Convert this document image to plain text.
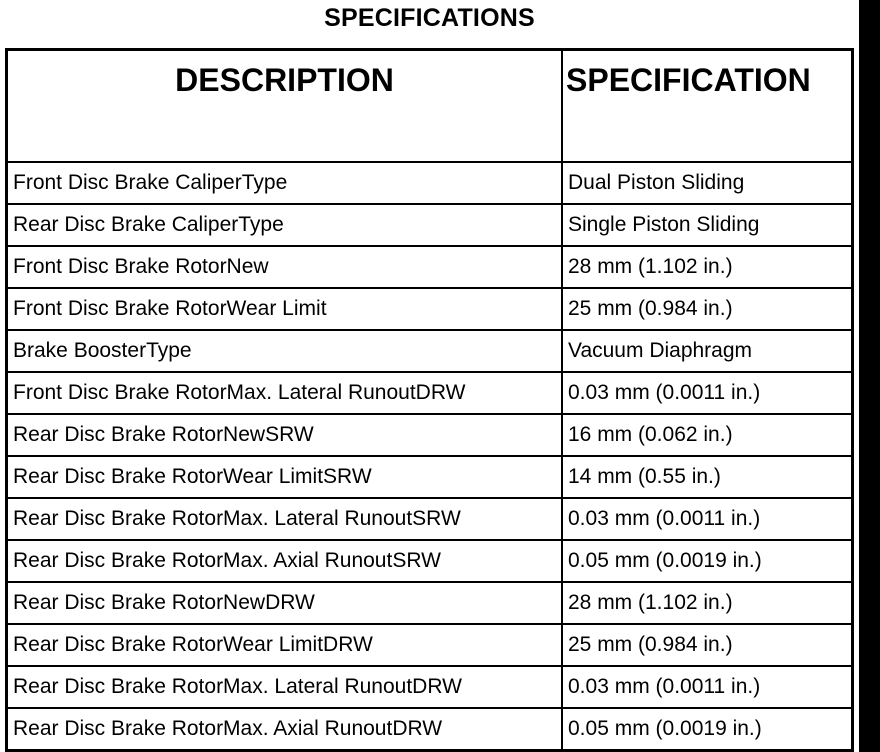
SPECIFICATIONS
DESCRIPTION	SPECIFICATION
Front Disc Brake CaliperType	Dual Piston Sliding
Rear Disc Brake CaliperType	Single Piston Sliding
Front Disc Brake RotorNew	28 mm (1.102 in.)
Front Disc Brake RotorWear Limit	25 mm (0.984 in.)
Brake BoosterType	Vacuum Diaphragm
Front Disc Brake RotorMax. Lateral RunoutDRW	0.03 mm (0.0011 in.)
Rear Disc Brake RotorNewSRW	16 mm (0.062 in.)
Rear Disc Brake RotorWear LimitSRW	14 mm (0.55 in.)
Rear Disc Brake RotorMax. Lateral RunoutSRW	0.03 mm (0.0011 in.)
Rear Disc Brake RotorMax. Axial RunoutSRW	0.05 mm (0.0019 in.)
Rear Disc Brake RotorNewDRW	28 mm (1.102 in.)
Rear Disc Brake RotorWear LimitDRW	25 mm (0.984 in.)
Rear Disc Brake RotorMax. Lateral RunoutDRW	0.03 mm (0.0011 in.)
Rear Disc Brake RotorMax. Axial RunoutDRW	0.05 mm (0.0019 in.)
